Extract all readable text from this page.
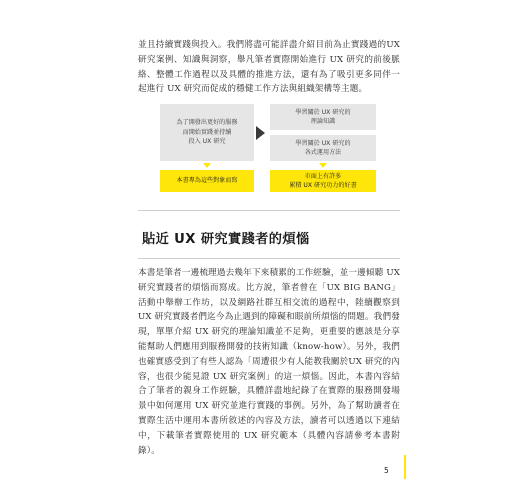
並且持續實踐與投入。我們將盡可能詳盡介紹目前為止實踐過的UX 研究案例、知識與洞察，舉凡筆者實際開始進行 UX 研究的前後脈絡、整體工作過程以及具體的推進方法，還有為了吸引更多同伴一起進行 UX 研究而促成的穩健工作方法與組織架構等主題。

為了開發出更好的服務
而開始實踐並持續
投入 UX 研究
學習關於 UX 研究的
理論知識
學習關於 UX 研究的
各式運用方法
本書專為這些對象而寫
市面上有許多
累積 UX 研究功力的好書
貼近 UX 研究實踐者的煩惱

本書是筆者一邊梳理過去幾年下來積累的工作經驗，並一邊傾聽 UX 研究實踐者的煩惱而寫成。比方說，筆者曾在「UX BIG BANG」活動中舉辦工作坊，以及網路社群互相交流的過程中，陸續觀察到 UX 研究實踐者們迄今為止遇到的障礙和眼前所煩惱的問題。我們發現，單單介紹 UX 研究的理論知識並不足夠，更重要的應該是分享能幫助人們應用到服務開發的技術知識（know-how）。另外，我們也確實感受到了有些人認為「周遭很少有人能教我關於UX 研究的內容，也很少能見證 UX 研究案例」的這一煩惱。因此，本書內容結合了筆者的親身工作經驗，具體詳盡地紀錄了在實際的服務開發場景中如何運用 UX 研究並進行實踐的事例。另外，為了幫助讀者在實際生活中運用本書所敘述的內容及方法，讀者可以透過以下連結中，下載筆者實際使用的 UX 研究範本（具體內容請參考本書附錄）。

5
